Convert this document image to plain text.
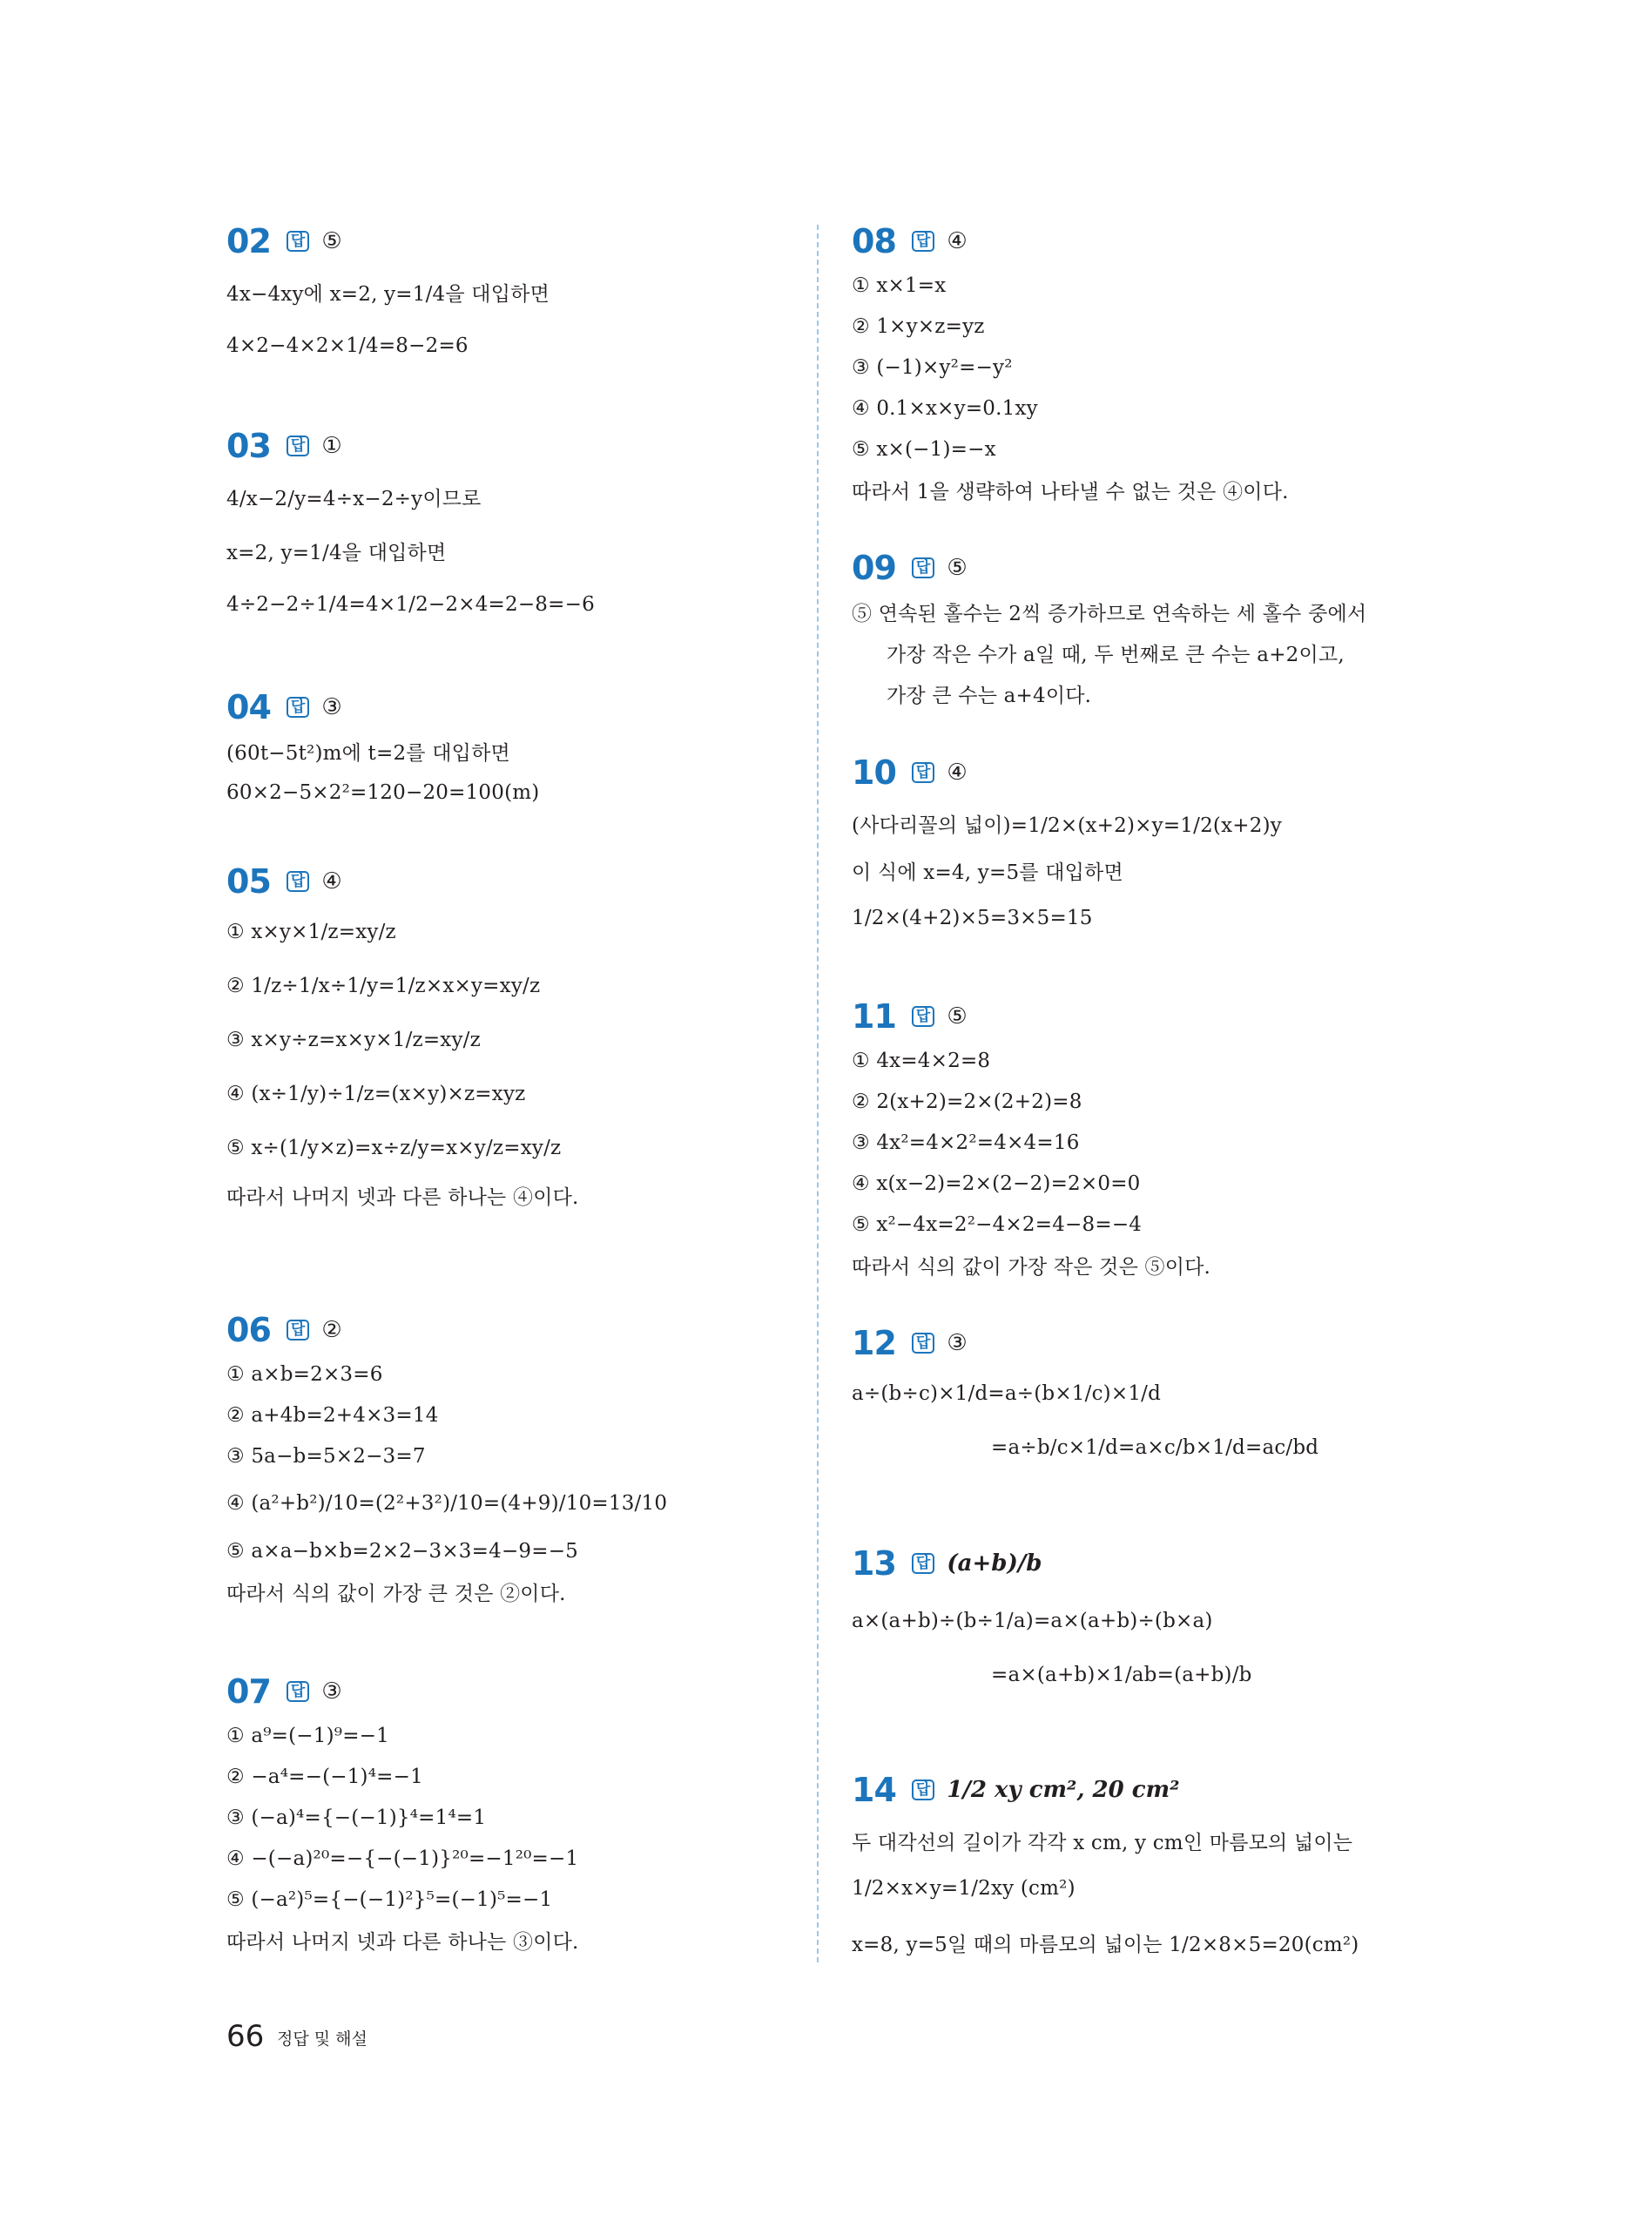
02 답 ⑤
4x−4xy에 x=2, y=1/4을 대입하면
4×2−4×2×1/4=8−2=6
03 답 ①
4/x−2/y=4÷x−2÷y이므로
x=2, y=1/4을 대입하면
4÷2−2÷1/4=4×1/2−2×4=2−8=−6
04 답 ③
(60t−5t²)m에 t=2를 대입하면
60×2−5×2²=120−20=100(m)
05 답 ④
① x×y×1/z=xy/z
② 1/z÷1/x÷1/y=1/z×x×y=xy/z
③ x×y÷z=x×y×1/z=xy/z
④ (x÷1/y)÷1/z=(x×y)×z=xyz
⑤ x÷(1/y×z)=x÷z/y=x×y/z=xy/z
따라서 나머지 넷과 다른 하나는 ④이다.
06 답 ②
① a×b=2×3=6
② a+4b=2+4×3=14
③ 5a−b=5×2−3=7
④ (a²+b²)/10=(2²+3²)/10=(4+9)/10=13/10
⑤ a×a−b×b=2×2−3×3=4−9=−5
따라서 식의 값이 가장 큰 것은 ②이다.
07 답 ③
① a⁹=(−1)⁹=−1
② −a⁴=−(−1)⁴=−1
③ (−a)⁴={−(−1)}⁴=1⁴=1
④ −(−a)²⁰=−{−(−1)}²⁰=−1²⁰=−1
⑤ (−a²)⁵={−(−1)²}⁵=(−1)⁵=−1
따라서 나머지 넷과 다른 하나는 ③이다.
08 답 ④
① x×1=x
② 1×y×z=yz
③ (−1)×y²=−y²
④ 0.1×x×y=0.1xy
⑤ x×(−1)=−x
따라서 1을 생략하여 나타낼 수 없는 것은 ④이다.
09 답 ⑤
⑤ 연속된 홀수는 2씩 증가하므로 연속하는 세 홀수 중에서
가장 작은 수가 a일 때, 두 번째로 큰 수는 a+2이고,
가장 큰 수는 a+4이다.
10 답 ④
(사다리꼴의 넓이)=1/2×(x+2)×y=1/2(x+2)y
이 식에 x=4, y=5를 대입하면
1/2×(4+2)×5=3×5=15
11 답 ⑤
① 4x=4×2=8
② 2(x+2)=2×(2+2)=8
③ 4x²=4×2²=4×4=16
④ x(x−2)=2×(2−2)=2×0=0
⑤ x²−4x=2²−4×2=4−8=−4
따라서 식의 값이 가장 작은 것은 ⑤이다.
12 답 ③
a÷(b÷c)×1/d=a÷(b×1/c)×1/d
=a÷b/c×1/d=a×c/b×1/d=ac/bd
13 답 (a+b)/b
a×(a+b)÷(b÷1/a)=a×(a+b)÷(b×a)
=a×(a+b)×1/ab=(a+b)/b
14 답 1/2 xy cm², 20 cm²
두 대각선의 길이가 각각 x cm, y cm인 마름모의 넓이는
1/2×x×y=1/2xy (cm²)
x=8, y=5일 때의 마름모의 넓이는 1/2×8×5=20(cm²)
66 정답 및 해설
